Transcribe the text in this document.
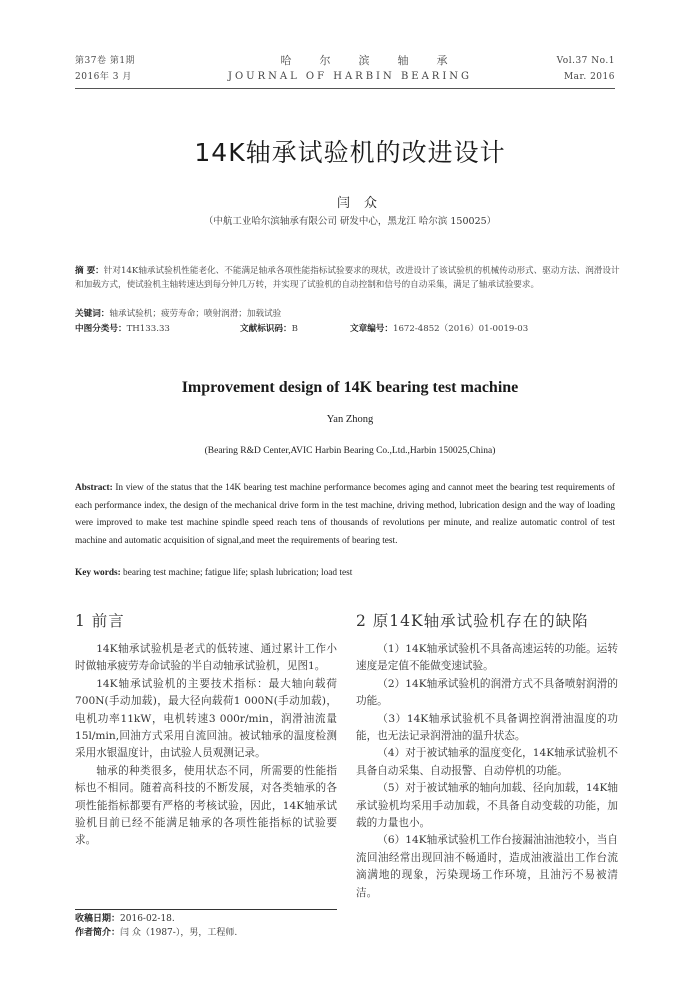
第37卷 第1期
2016年 3 月
哈尔滨轴承
JOURNAL OF HARBIN BEARING
Vol.37 No.1
Mar. 2016
14K轴承试验机的改进设计
闫众
（中航工业哈尔滨轴承有限公司 研发中心，黑龙江 哈尔滨 150025）
摘 要：针对14K轴承试验机性能老化、不能满足轴承各项性能指标试验要求的现状，改进设计了该试验机的机械传动形式、驱动方法、润滑设计和加载方式，使试验机主轴转速达到每分钟几万转，并实现了试验机的自动控制和信号的自动采集，满足了轴承试验要求。
关键词：轴承试验机；疲劳寿命；喷射润滑；加载试验
中图分类号：TH133.33	文献标识码：B	文章编号：1672-4852（2016）01-0019-03
Improvement design of 14K bearing test machine
Yan Zhong
(Bearing R&D Center,AVIC Harbin Bearing Co.,Ltd.,Harbin 150025,China)
Abstract: In view of the status that the 14K bearing test machine performance becomes aging and cannot meet the bearing test requirements of each performance index, the design of the mechanical drive form in the test machine, driving method, lubrication design and the way of loading were improved to make test machine spindle speed reach tens of thousands of revolutions per minute, and realize automatic control of test machine and automatic acquisition of signal,and meet the requirements of bearing test.
Key words: bearing test machine; fatigue life; splash lubrication; load test
1 前言

14K轴承试验机是老式的低转速、通过累计工作小时做轴承疲劳寿命试验的半自动轴承试验机，见图1。

14K轴承试验机的主要技术指标：最大轴向载荷700N(手动加载)，最大径向载荷1 000N(手动加载)，电机功率11kW，电机转速3 000r/min，润滑油流量15l/min,回油方式采用自流回油。被试轴承的温度检测采用水银温度计，由试验人员观测记录。

轴承的种类很多，使用状态不同，所需要的性能指标也不相同。随着高科技的不断发展，对各类轴承的各项性能指标都要有严格的考核试验，因此，14K轴承试验机目前已经不能满足轴承的各项性能指标的试验要求。

收稿日期：2016-02-18.
作者简介：闫 众（1987-），男，工程师.
2 原14K轴承试验机存在的缺陷

（1）14K轴承试验机不具备高速运转的功能。运转速度是定值不能做变速试验。

（2）14K轴承试验机的润滑方式不具备喷射润滑的功能。

（3）14K轴承试验机不具备调控润滑油温度的功能，也无法记录润滑油的温升状态。

（4）对于被试轴承的温度变化，14K轴承试验机不具备自动采集、自动报警、自动停机的功能。

（5）对于被试轴承的轴向加载、径向加载，14K轴承试验机均采用手动加载，不具备自动变载的功能，加载的力量也小。

（6）14K轴承试验机工作台接漏油油池较小，当自流回油经常出现回油不畅通时，造成油液溢出工作台流滴满地的现象，污染现场工作环境，且油污不易被清洁。
